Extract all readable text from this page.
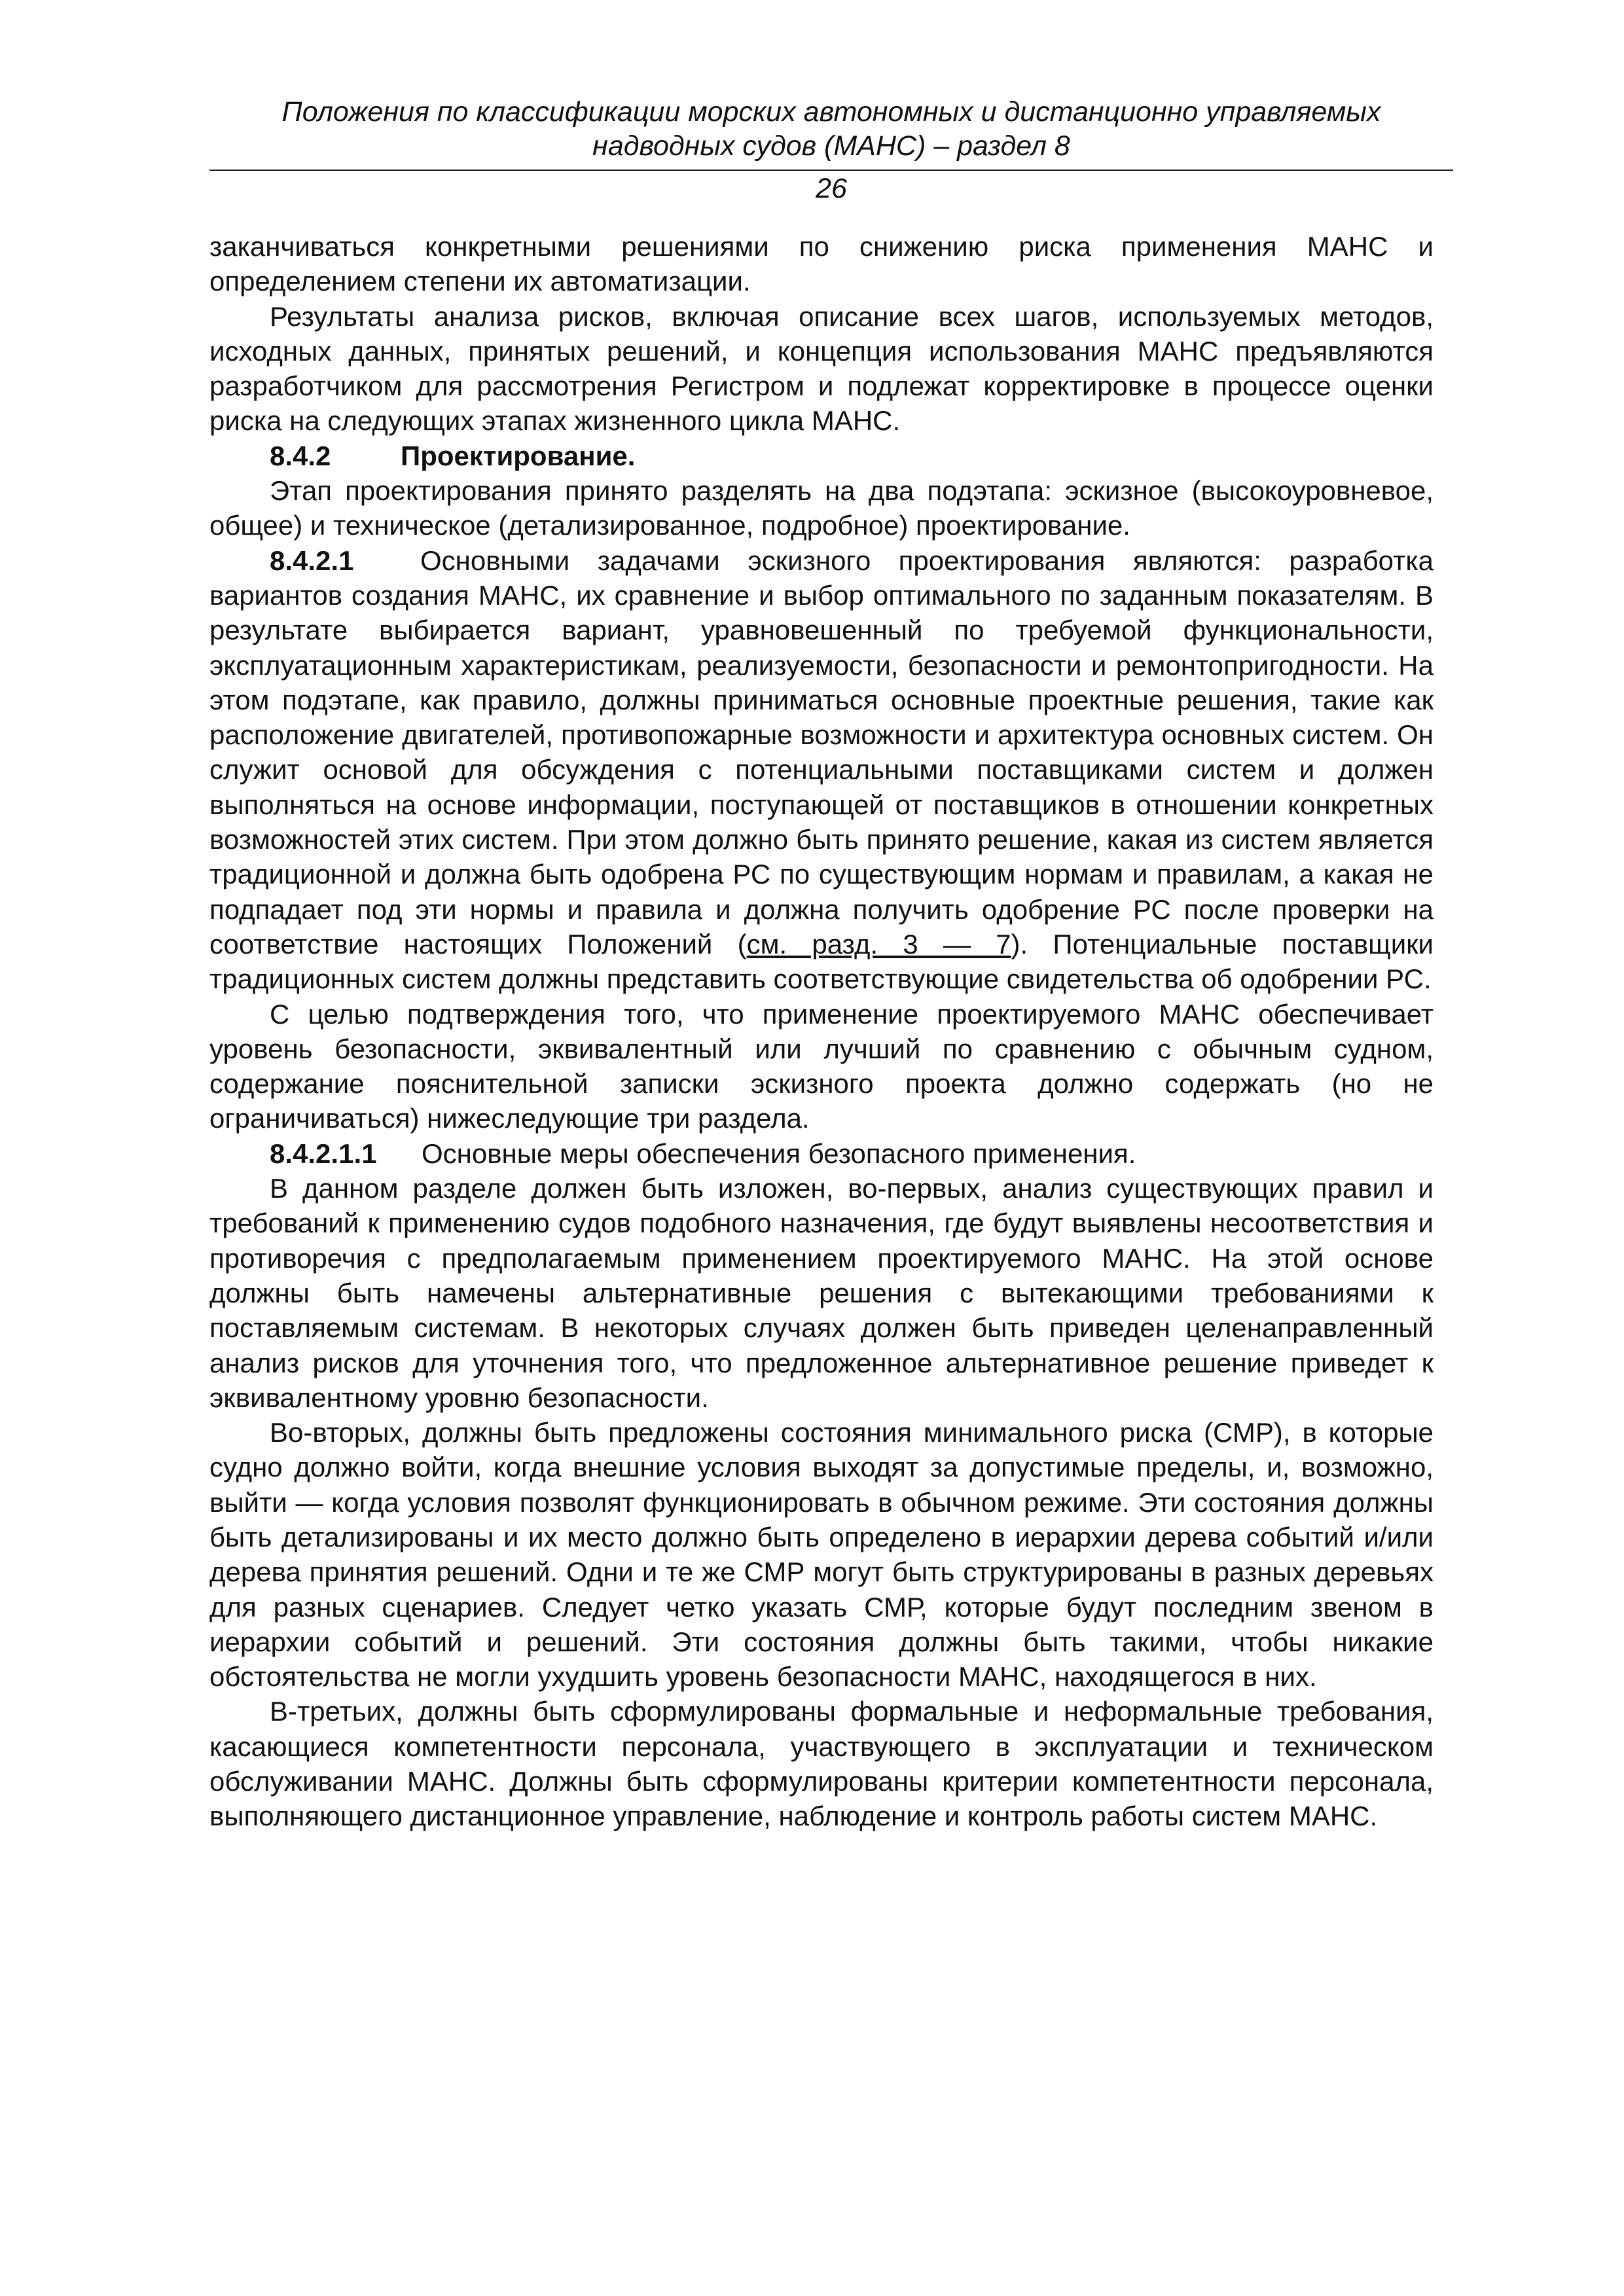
Положения по классификации морских автономных и дистанционно управляемых
надводных судов (МАНС) – раздел 8
26

заканчиваться конкретными решениями по снижению риска применения МАНС и определением степени их автоматизации.

Результаты анализа рисков, включая описание всех шагов, используемых методов, исходных данных, принятых решений, и концепция использования МАНС предъявляются разработчиком для рассмотрения Регистром и подлежат корректировке в процессе оценки риска на следующих этапах жизненного цикла МАНС.

8.4.2	Проектирование.

Этап проектирования принято разделять на два подэтапа: эскизное (высокоуровневое, общее) и техническое (детализированное, подробное) проектирование.

8.4.2.1 Основными задачами эскизного проектирования являются: разработка вариантов создания МАНС, их сравнение и выбор оптимального по заданным показателям. В результате выбирается вариант, уравновешенный по требуемой функциональности, эксплуатационным характеристикам, реализуемости, безопасности и ремонтопригодности. На этом подэтапе, как правило, должны приниматься основные проектные решения, такие как расположение двигателей, противопожарные возможности и архитектура основных систем. Он служит основой для обсуждения с потенциальными поставщиками систем и должен выполняться на основе информации, поступающей от поставщиков в отношении конкретных возможностей этих систем. При этом должно быть принято решение, какая из систем является традиционной и должна быть одобрена РС по существующим нормам и правилам, а какая не подпадает под эти нормы и правила и должна получить одобрение РС после проверки на соответствие настоящих Положений (см. разд. 3 — 7). Потенциальные поставщики традиционных систем должны представить соответствующие свидетельства об одобрении РС.

С целью подтверждения того, что применение проектируемого МАНС обеспечивает уровень безопасности, эквивалентный или лучший по сравнению с обычным судном, содержание пояснительной записки эскизного проекта должно содержать (но не ограничиваться) нижеследующие три раздела.

8.4.2.1.1 Основные меры обеспечения безопасного применения.

В данном разделе должен быть изложен, во-первых, анализ существующих правил и требований к применению судов подобного назначения, где будут выявлены несоответствия и противоречия с предполагаемым применением проектируемого МАНС. На этой основе должны быть намечены альтернативные решения с вытекающими требованиями к поставляемым системам. В некоторых случаях должен быть приведен целенаправленный анализ рисков для уточнения того, что предложенное альтернативное решение приведет к эквивалентному уровню безопасности.

Во-вторых, должны быть предложены состояния минимального риска (СМР), в которые судно должно войти, когда внешние условия выходят за допустимые пределы, и, возможно, выйти — когда условия позволят функционировать в обычном режиме. Эти состояния должны быть детализированы и их место должно быть определено в иерархии дерева событий и/или дерева принятия решений. Одни и те же СМР могут быть структурированы в разных деревьях для разных сценариев. Следует четко указать СМР, которые будут последним звеном в иерархии событий и решений. Эти состояния должны быть такими, чтобы никакие обстоятельства не могли ухудшить уровень безопасности МАНС, находящегося в них.

В-третьих, должны быть сформулированы формальные и неформальные требования, касающиеся компетентности персонала, участвующего в эксплуатации и техническом обслуживании МАНС. Должны быть сформулированы критерии компетентности персонала, выполняющего дистанционное управление, наблюдение и контроль работы систем МАНС.
